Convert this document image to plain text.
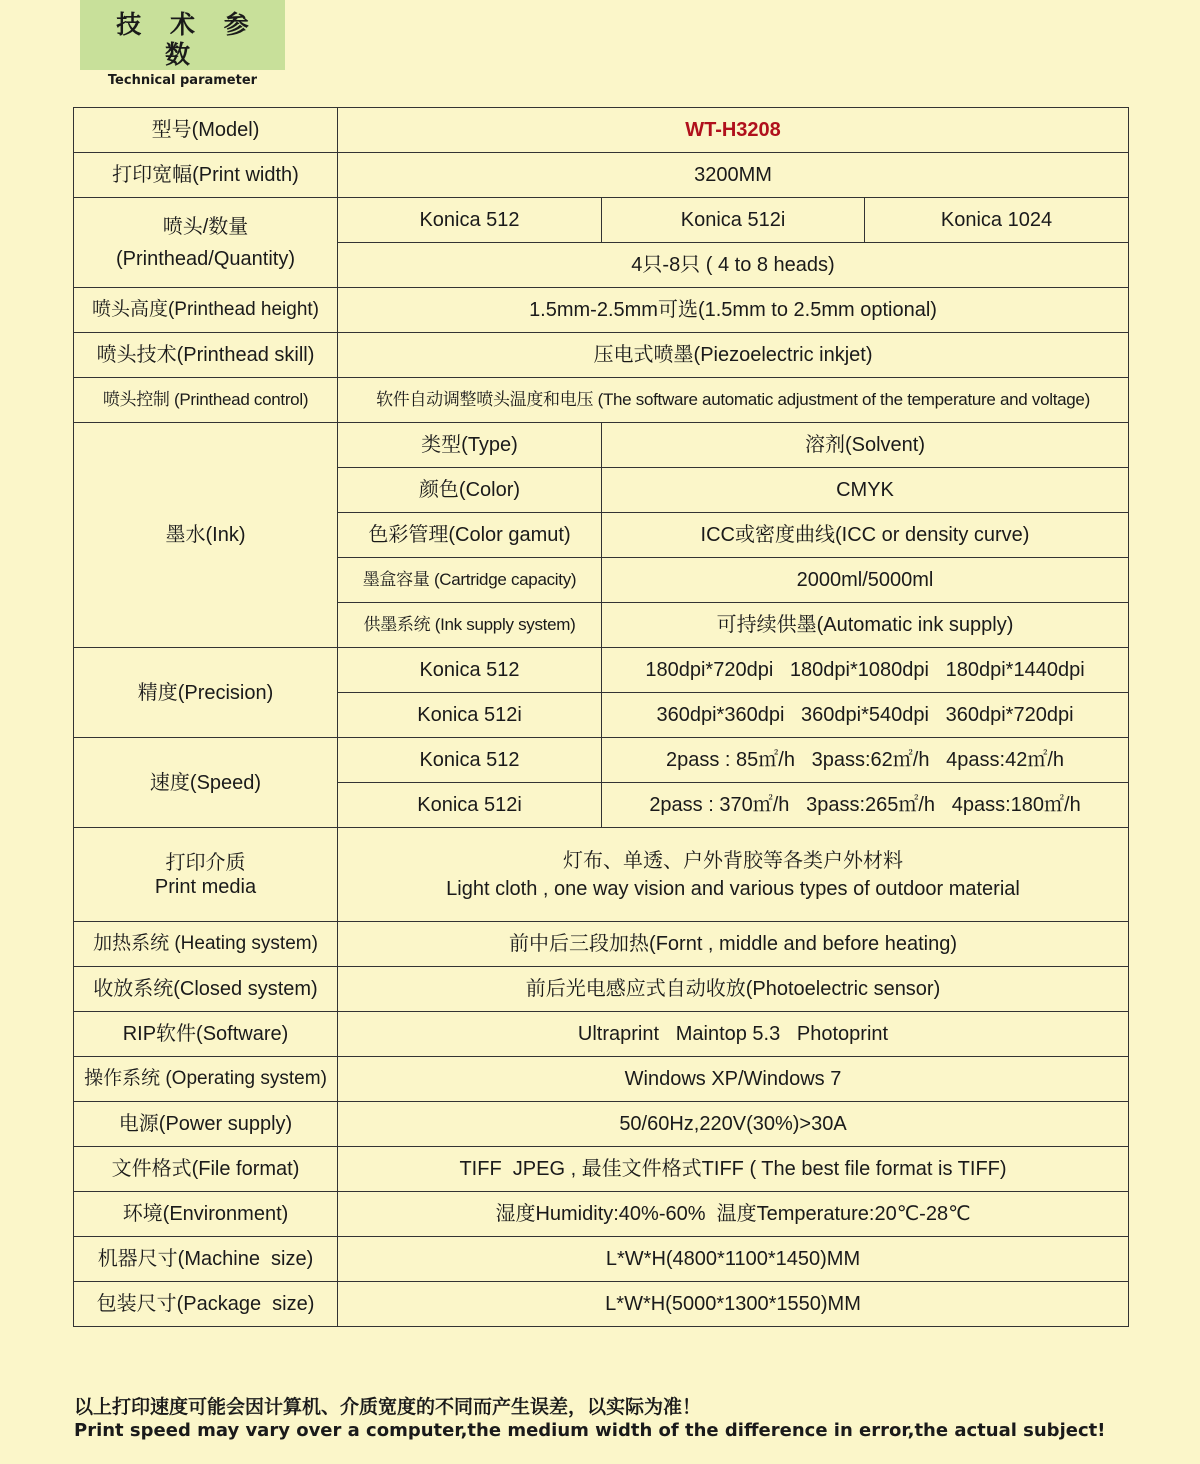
技 术 参 数
Technical parameter
型号(Model)	WT-H3208		
打印宽幅(Print width)	3200MM		

喷头/数量
(Printhead/Quantity)	Konica 512	Konica 512i	Konica 1024
	4只-8只 ( 4 to 8 heads)		
喷头高度(Printhead height)	1.5mm-2.5mm可选(1.5mm to 2.5mm optional)		
喷头技术(Printhead skill)	压电式喷墨(Piezoelectric inkjet)		
喷头控制 (Printhead control)	软件自动调整喷头温度和电压 (The software automatic adjustment of the temperature and voltage)		
墨水(Ink)	类型(Type)	溶剂(Solvent)	
	颜色(Color)	CMYK	
	色彩管理(Color gamut)	ICC或密度曲线(ICC or density curve)	
	墨盒容量 (Cartridge capacity)	2000ml/5000ml	
	供墨系统 (Ink supply system)	可持续供墨(Automatic ink supply)	
精度(Precision)	Konica 512	180dpi*720dpi   180dpi*1080dpi   180dpi*1440dpi	
	Konica 512i	360dpi*360dpi   360dpi*540dpi   360dpi*720dpi	
速度(Speed)	Konica 512	2pass : 85㎡/h   3pass:62㎡/h   4pass:42㎡/h	
	Konica 512i	2pass : 370㎡/h   3pass:265㎡/h   4pass:180㎡/h	

打印介质
Print media	灯布、单透、户外背胶等各类户外材料
Light cloth , one way vision and various types of outdoor material		

加热系统 (Heating system)	前中后三段加热(Fornt , middle and before heating)		
收放系统(Closed system)	前后光电感应式自动收放(Photoelectric sensor)		
RIP软件(Software)	Ultraprint   Maintop 5.3   Photoprint		
操作系统 (Operating system)	Windows XP/Windows 7		
电源(Power supply)	50/60Hz,220V(30%)>30A		
文件格式(File format)	TIFF  JPEG , 最佳文件格式TIFF ( The best file format is TIFF)		
环境(Environment)	湿度Humidity:40%-60%  温度Temperature:20℃-28℃		
机器尺寸(Machine  size)	L*W*H(4800*1100*1450)MM		
包装尺寸(Package  size)	L*W*H(5000*1300*1550)MM		
以上打印速度可能会因计算机、介质宽度的不同而产生误差，以实际为准！
Print speed may vary over a computer,the medium width of the difference in error,the actual subject!
